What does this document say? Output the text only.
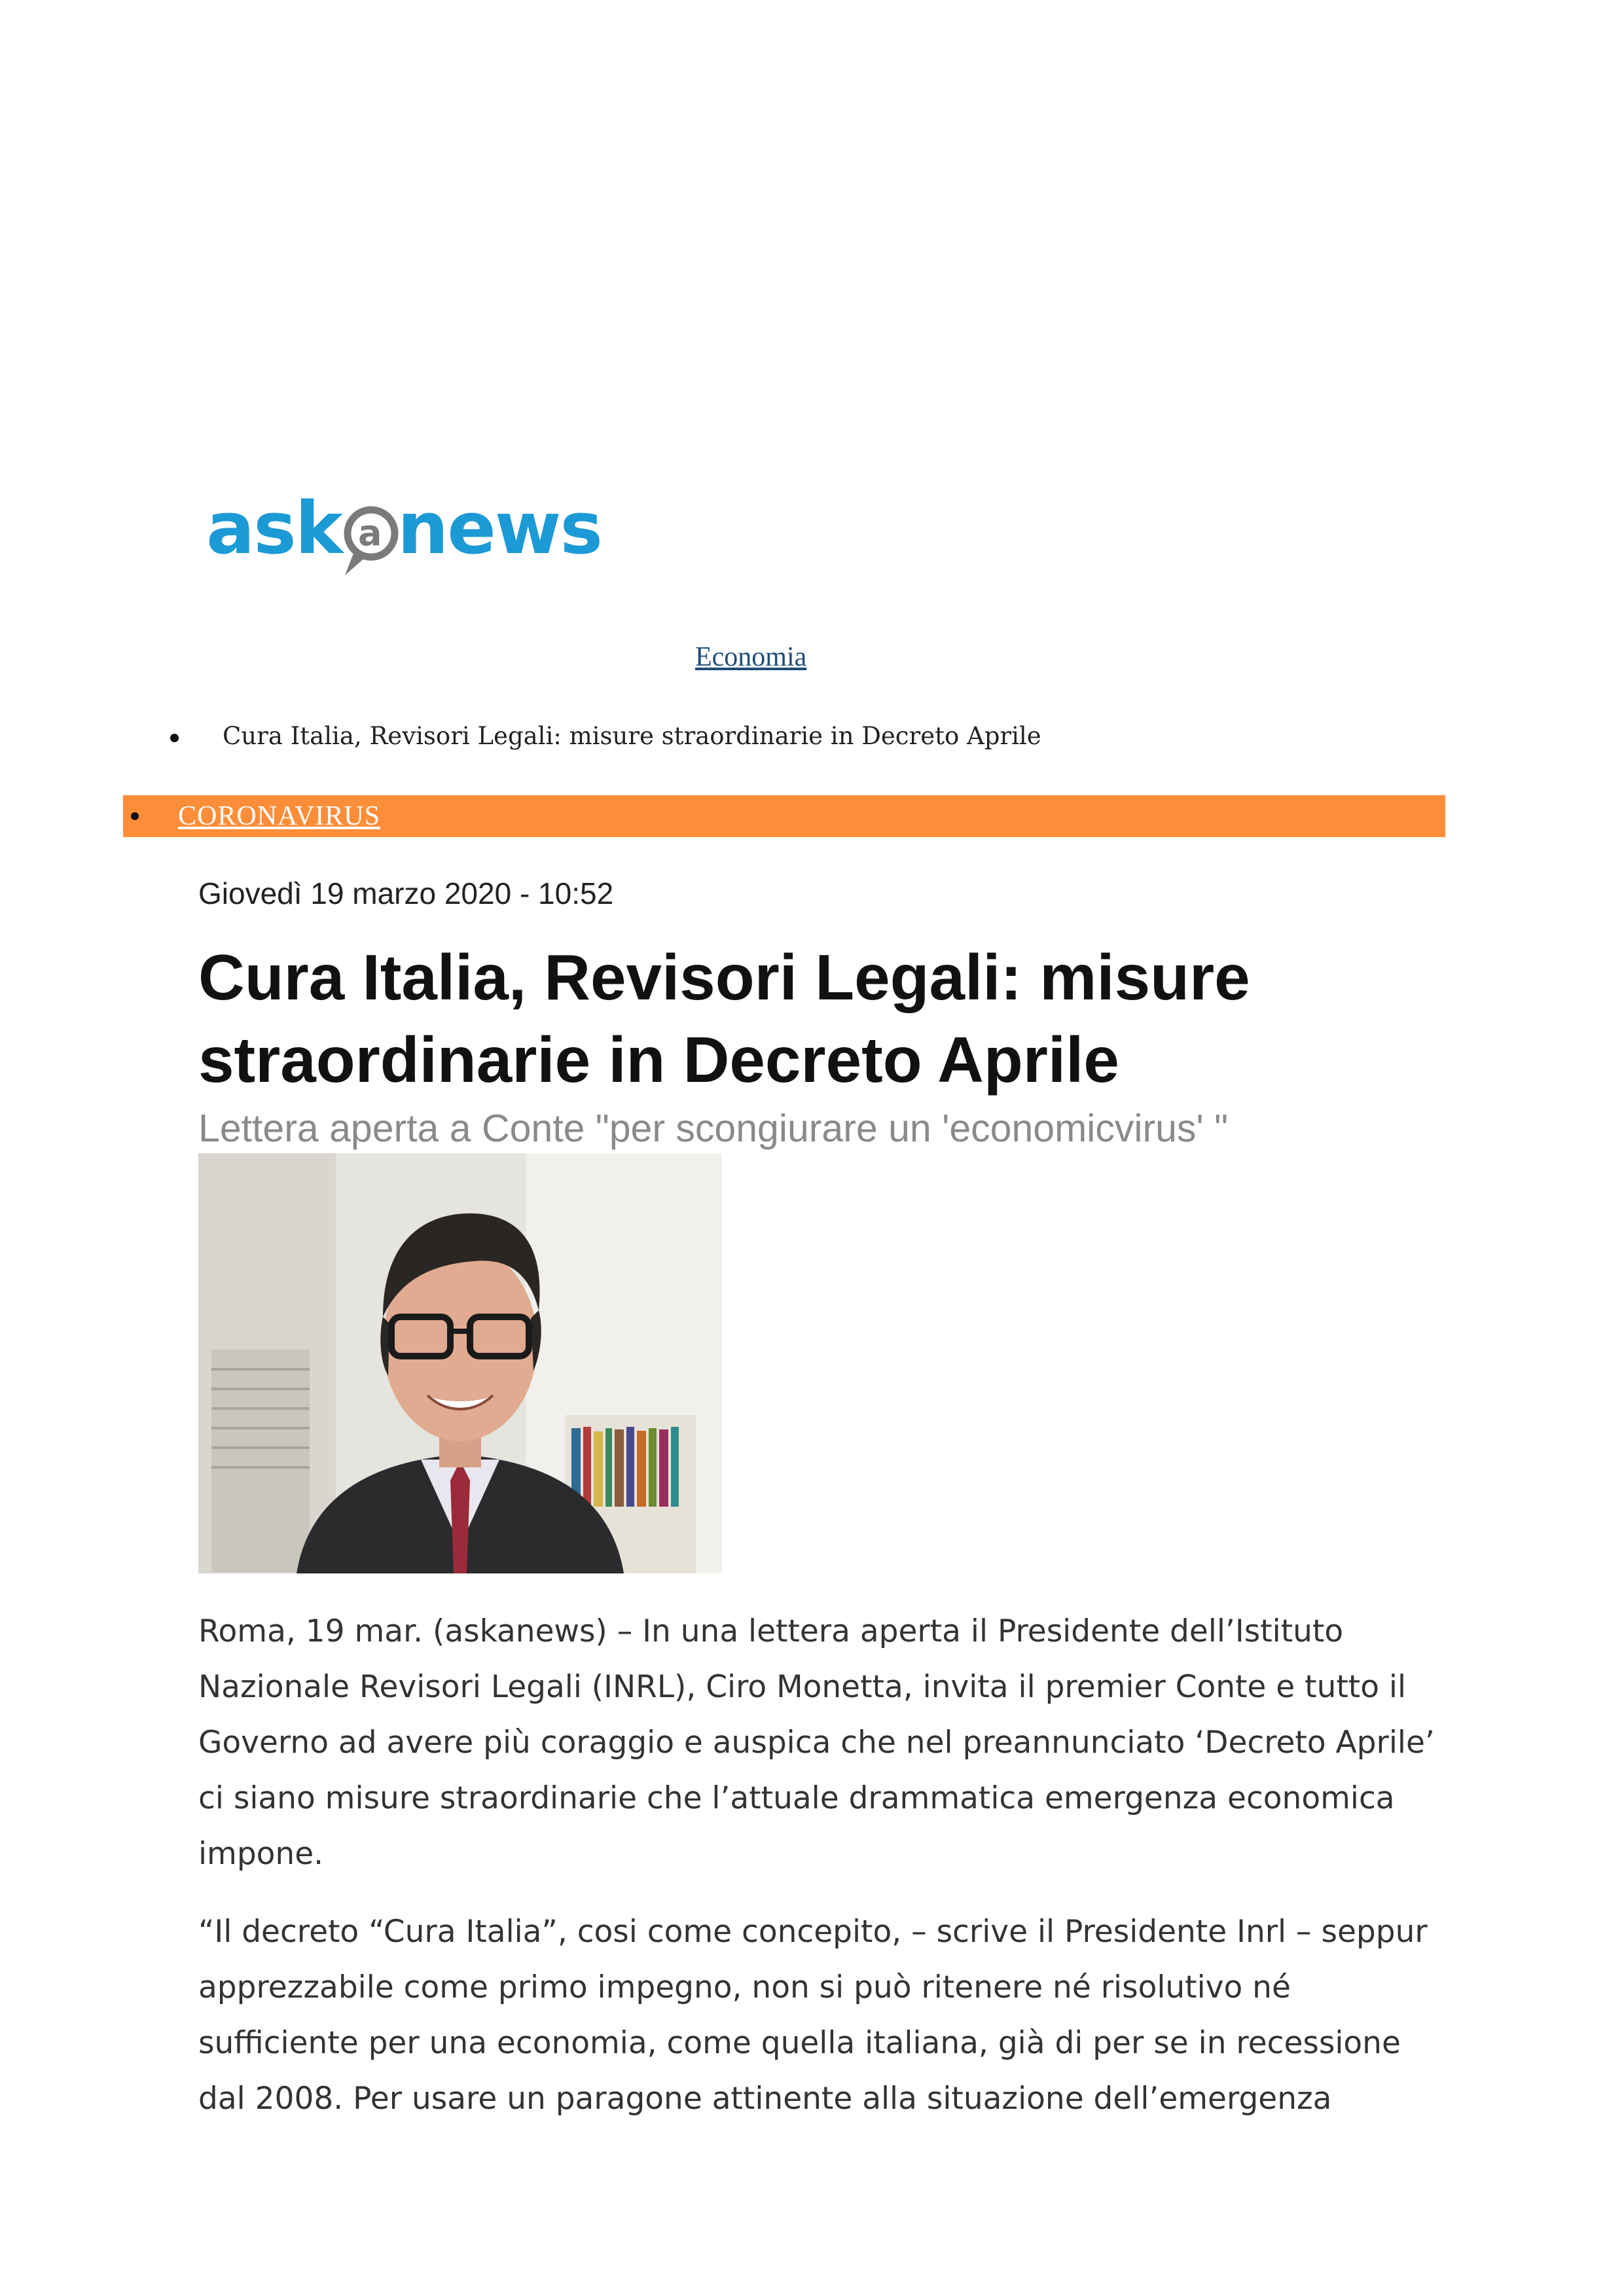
ask a news
Economia
Cura Italia, Revisori Legali: misure straordinarie in Decreto Aprile
CORONAVIRUS
Giovedì 19 marzo 2020 - 10:52
Cura Italia, Revisori Legali: misure straordinarie in Decreto Aprile
Lettera aperta a Conte "per scongiurare un 'economicvirus' "

Roma, 19 mar. (askanews) – In una lettera aperta il Presidente dell’Istituto Nazionale Revisori Legali (INRL), Ciro Monetta, invita il premier Conte e tutto il Governo ad avere più coraggio e auspica che nel preannunciato ‘Decreto Aprile’ ci siano misure straordinarie che l’attuale drammatica emergenza economica impone.

“Il decreto “Cura Italia”, cosi come concepito, – scrive il Presidente Inrl – seppur apprezzabile come primo impegno, non si può ritenere né risolutivo né sufficiente per una economia, come quella italiana, già di per se in recessione dal 2008. Per usare un paragone attinente alla situazione dell’emergenza
